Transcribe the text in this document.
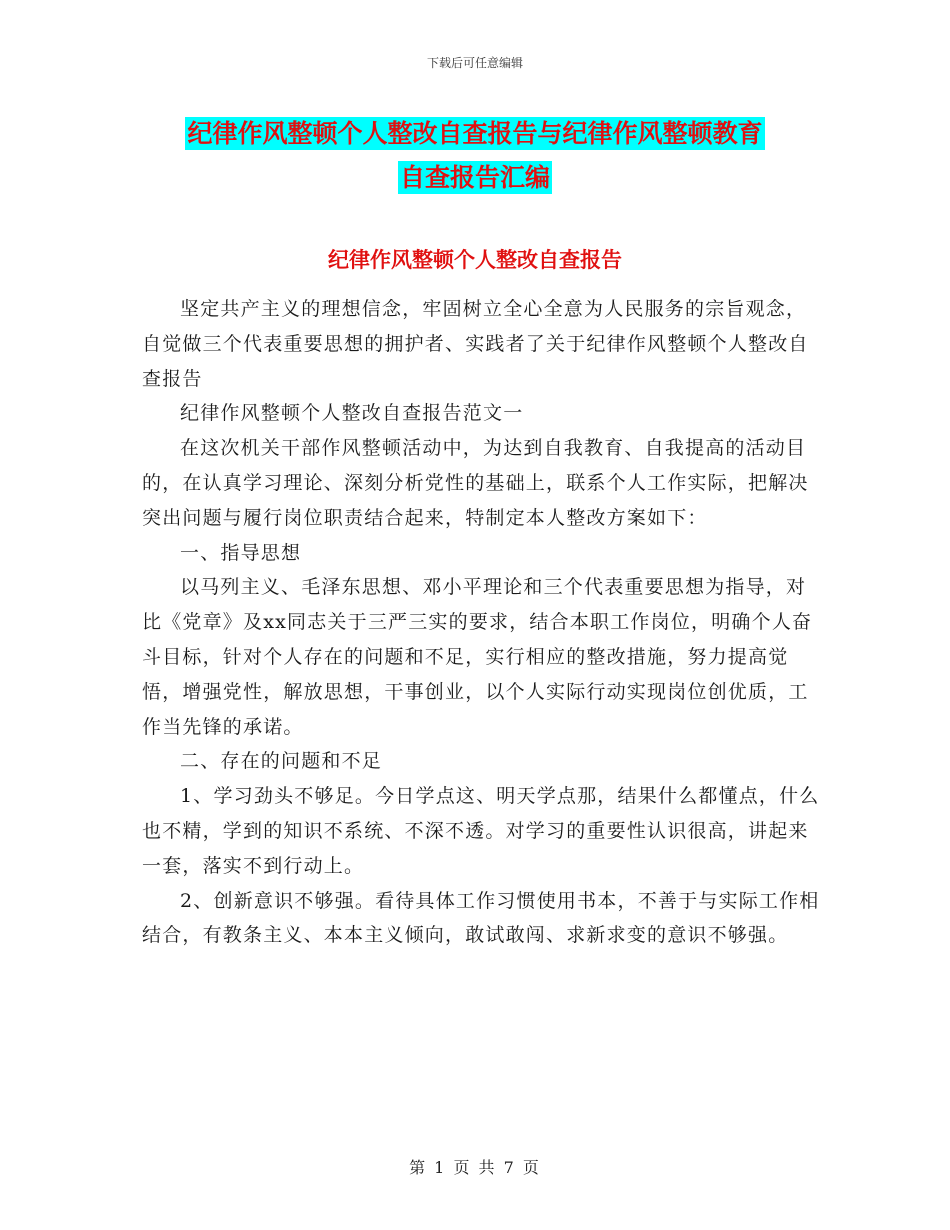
下载后可任意编辑
纪律作风整顿个人整改自查报告与纪律作风整顿教育
自查报告汇编
纪律作风整顿个人整改自查报告

坚定共产主义的理想信念，牢固树立全心全意为人民服务的宗旨观念，自觉做三个代表重要思想的拥护者、实践者了关于纪律作风整顿个人整改自查报告

纪律作风整顿个人整改自查报告范文一

在这次机关干部作风整顿活动中，为达到自我教育、自我提高的活动目的，在认真学习理论、深刻分析党性的基础上，联系个人工作实际，把解决突出问题与履行岗位职责结合起来，特制定本人整改方案如下：

一、指导思想

以马列主义、毛泽东思想、邓小平理论和三个代表重要思想为指导，对比《党章》及xx同志关于三严三实的要求，结合本职工作岗位，明确个人奋斗目标，针对个人存在的问题和不足，实行相应的整改措施，努力提高觉悟，增强党性，解放思想，干事创业，以个人实际行动实现岗位创优质，工作当先锋的承诺。

二、存在的问题和不足

1、学习劲头不够足。今日学点这、明天学点那，结果什么都懂点，什么也不精，学到的知识不系统、不深不透。对学习的重要性认识很高，讲起来一套，落实不到行动上。

2、创新意识不够强。看待具体工作习惯使用书本，不善于与实际工作相结合，有教条主义、本本主义倾向，敢试敢闯、求新求变的意识不够强。

第 1 页 共 7 页
